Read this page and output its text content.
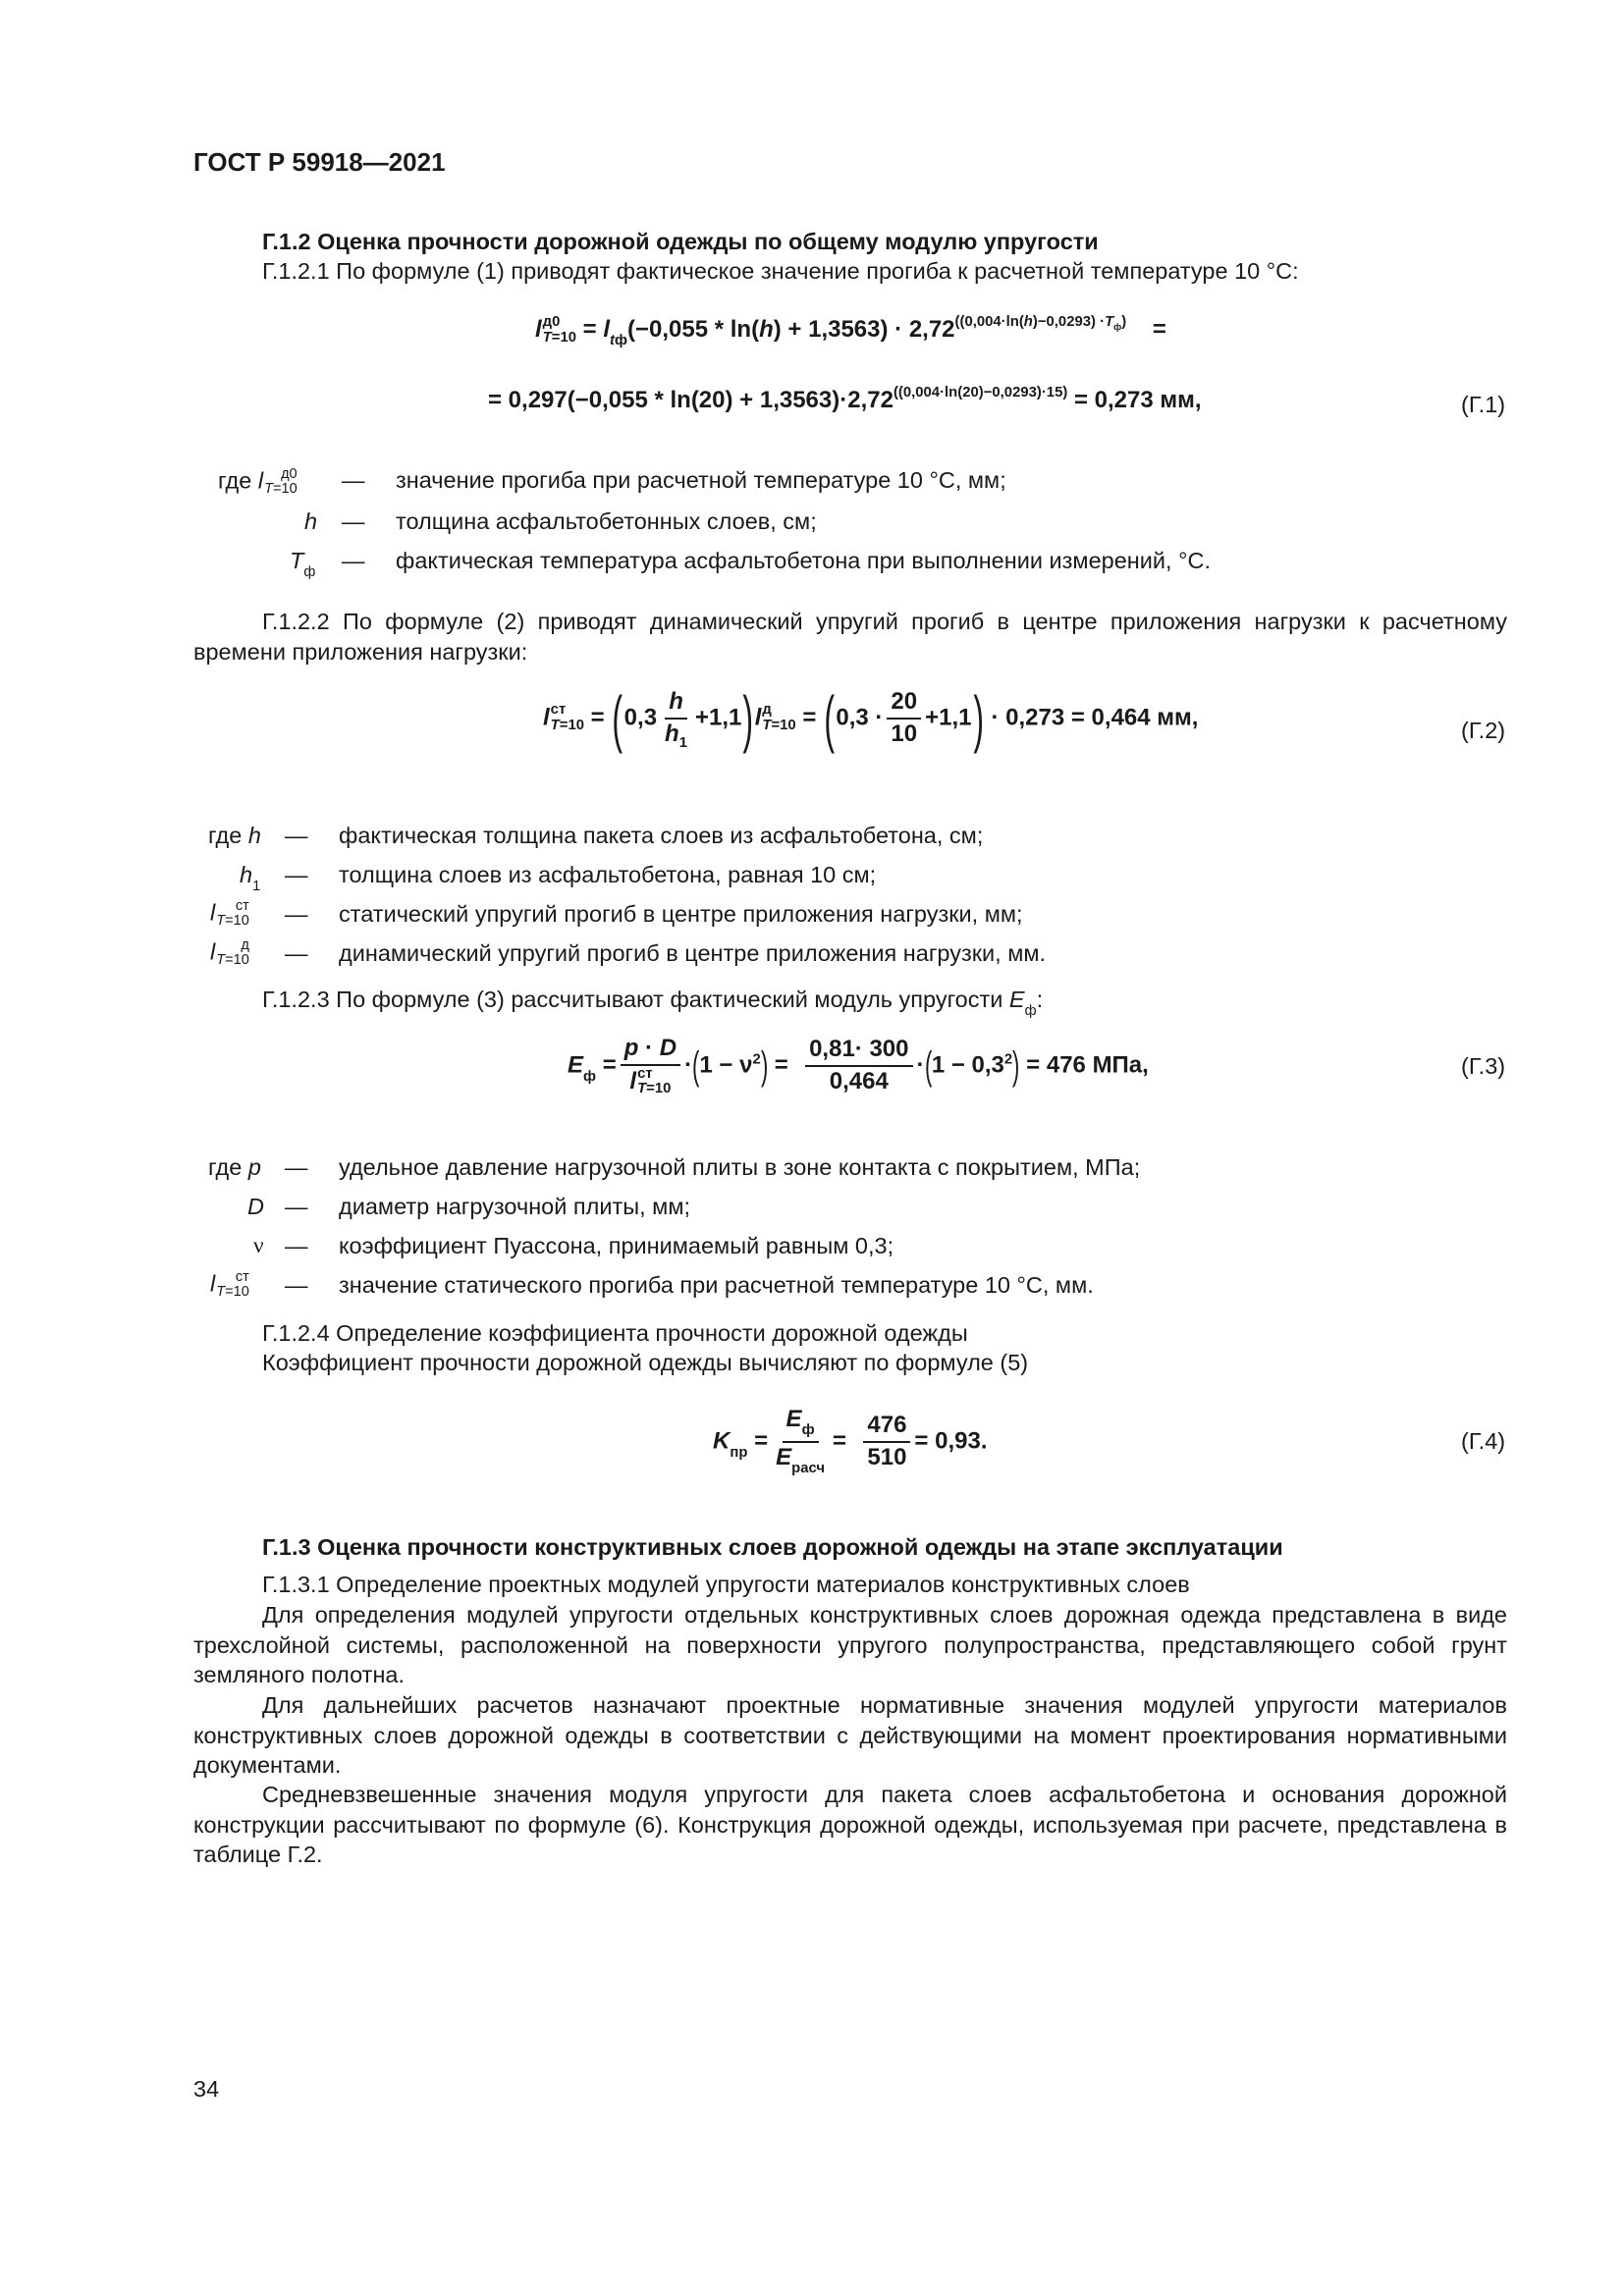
ГОСТ Р 59918—2021
Г.1.2 Оценка прочности дорожной одежды по общему модулю упругости
Г.1.2.1 По формуле (1) приводят фактическое значение прогиба к расчетной температуре 10 °С:
l д0
$T=10 = ltф(-0,055 * \ln(h) + 1,3563) \cdot 2,72((0,004\cdot\ln(h)-0,0293) \cdot T_ф)$    =
= 0,297(−0,055 * ln(20) + 1,3563)·2,72((0,004·ln(20)−0,0293)·15) = 0,273 мм,	(Г.1)
где l	д0
T=10 — значение прогиба при расчетной температуре 10 °С, мм;
h — толщина асфальтобетонных слоев, см;
Tф — фактическая температура асфальтобетона при выполнении измерений, °С.
Г.1.2.2 По формуле (2) приводят динамический упругий прогиб в центре приложения нагрузки к расчетному времени приложения нагрузки:
l ст
$T=10 = (0,3 \frac{h}{h_1} +1,1)l$ д
$T=10 = (0,3 \cdot \frac{20}{10} +1,1) \cdot 0,273 = 0,464$ мм,	(Г.2)
где h — фактическая толщина пакета слоев из асфальтобетона, см;
h1 — толщина слоев из асфальтобетона, равная 10 см;
l	ст
T=10 — статический упругий прогиб в центре приложения нагрузки, мм;
l	д
T=10 — динамический упругий прогиб в центре приложения нагрузки, мм.
Г.1.2.3 По формуле (3) рассчитывают фактический модуль упругости Eф:
Eф = p · D
l ст
$T=10 \cdot(1 - \nu^2) = \frac{0,81\cdot 300}{0,464} \cdot(1 - 0,3^2) = 476$ МПа,	(Г.3)
где p — удельное давление нагрузочной плиты в зоне контакта с покрытием, МПа;
D — диаметр нагрузочной плиты, мм;
ν — коэффициент Пуассона, принимаемый равным 0,3;
l	ст
T=10 — значение статического прогиба при расчетной температуре 10 °С, мм.
Г.1.2.4 Определение коэффициента прочности дорожной одежды
Коэффициент прочности дорожной одежды вычисляют по формуле (5)
Kпр = $\frac{Eф}{\text{Eрасч}} = \frac{476}{510} = 0,93$.	(Г.4)
Г.1.3 Оценка прочности конструктивных слоев дорожной одежды на этапе эксплуатации
Г.1.3.1 Определение проектных модулей упругости материалов конструктивных слоев
Для определения модулей упругости отдельных конструктивных слоев дорожная одежда представлена в виде трехслойной системы, расположенной на поверхности упругого полупространства, представляющего собой грунт земляного полотна.
Для дальнейших расчетов назначают проектные нормативные значения модулей упругости материалов конструктивных слоев дорожной одежды в соответствии с действующими на момент проектирования нормативными документами.
Средневзвешенные значения модуля упругости для пакета слоев асфальтобетона и основания дорожной конструкции рассчитывают по формуле (6). Конструкция дорожной одежды, используемая при расчете, представлена в таблице Г.2.
34
